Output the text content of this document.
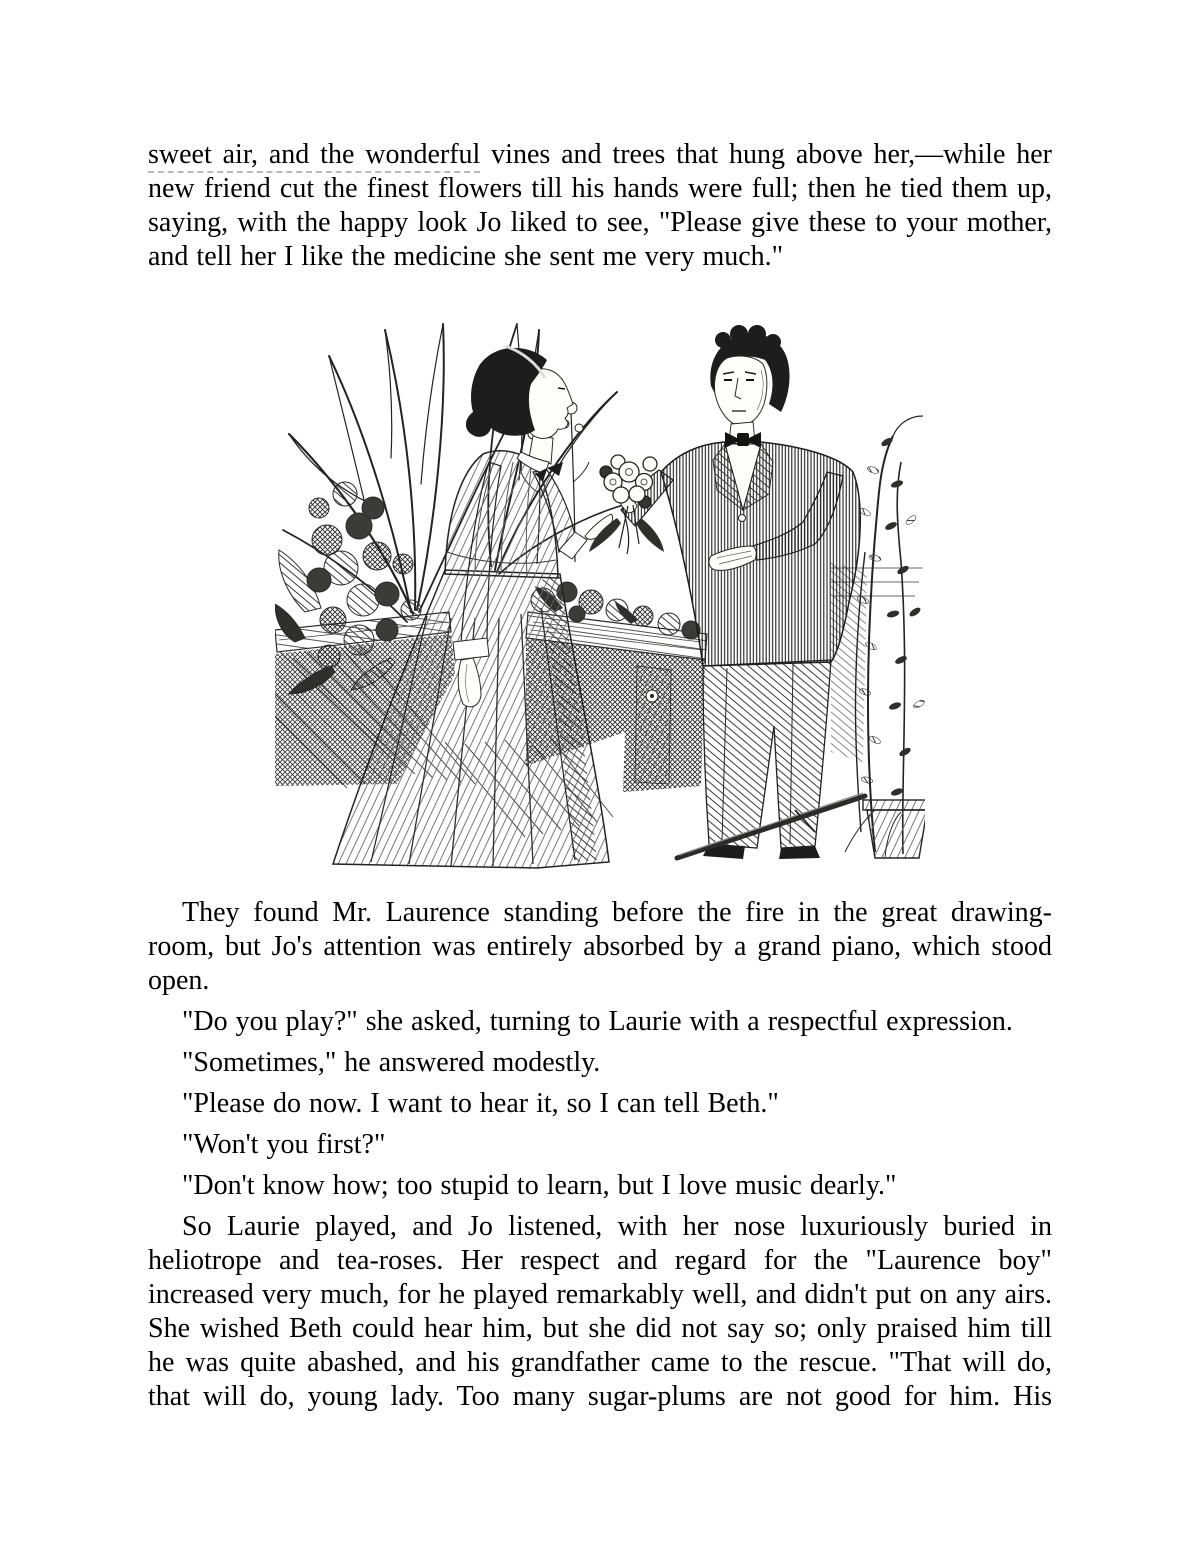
sweet air, and the wonderful vines and trees that hung above her,—while her new friend cut the finest flowers till his hands were full; then he tied them up, saying, with the happy look Jo liked to see, "Please give these to your mother, and tell her I like the medicine she sent me very much."

They found Mr. Laurence standing before the fire in the great drawing-room, but Jo's attention was entirely absorbed by a grand piano, which stood open.

"Do you play?" she asked, turning to Laurie with a respectful expression.

"Sometimes," he answered modestly.

"Please do now. I want to hear it, so I can tell Beth."

"Won't you first?"

"Don't know how; too stupid to learn, but I love music dearly."

So Laurie played, and Jo listened, with her nose luxuriously buried in heliotrope and tea-roses. Her respect and regard for the "Laurence boy" increased very much, for he played remarkably well, and didn't put on any airs. She wished Beth could hear him, but she did not say so; only praised him till he was quite abashed, and his grandfather came to the rescue. "That will do, that will do, young lady. Too many sugar-plums are not good for him. His
